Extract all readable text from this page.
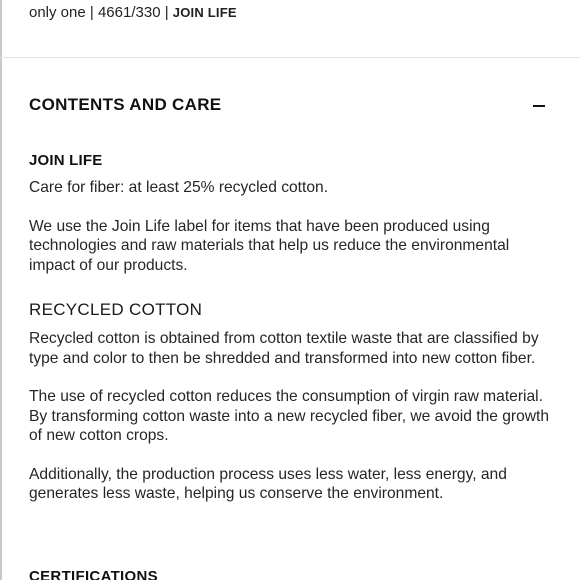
only one | 4661/330 | JOIN LIFE
CONTENTS AND CARE
JOIN LIFE

Care for fiber: at least 25% recycled cotton.

We use the Join Life label for items that have been produced using technologies and raw materials that help us reduce the environmental impact of our products.

RECYCLED COTTON

Recycled cotton is obtained from cotton textile waste that are classified by type and color to then be shredded and transformed into new cotton fiber.

The use of recycled cotton reduces the consumption of virgin raw material. By transforming cotton waste into a new recycled fiber, we avoid the growth of new cotton crops.

Additionally, the production process uses less water, less energy, and generates less waste, helping us conserve the environment.

CERTIFICATIONS
